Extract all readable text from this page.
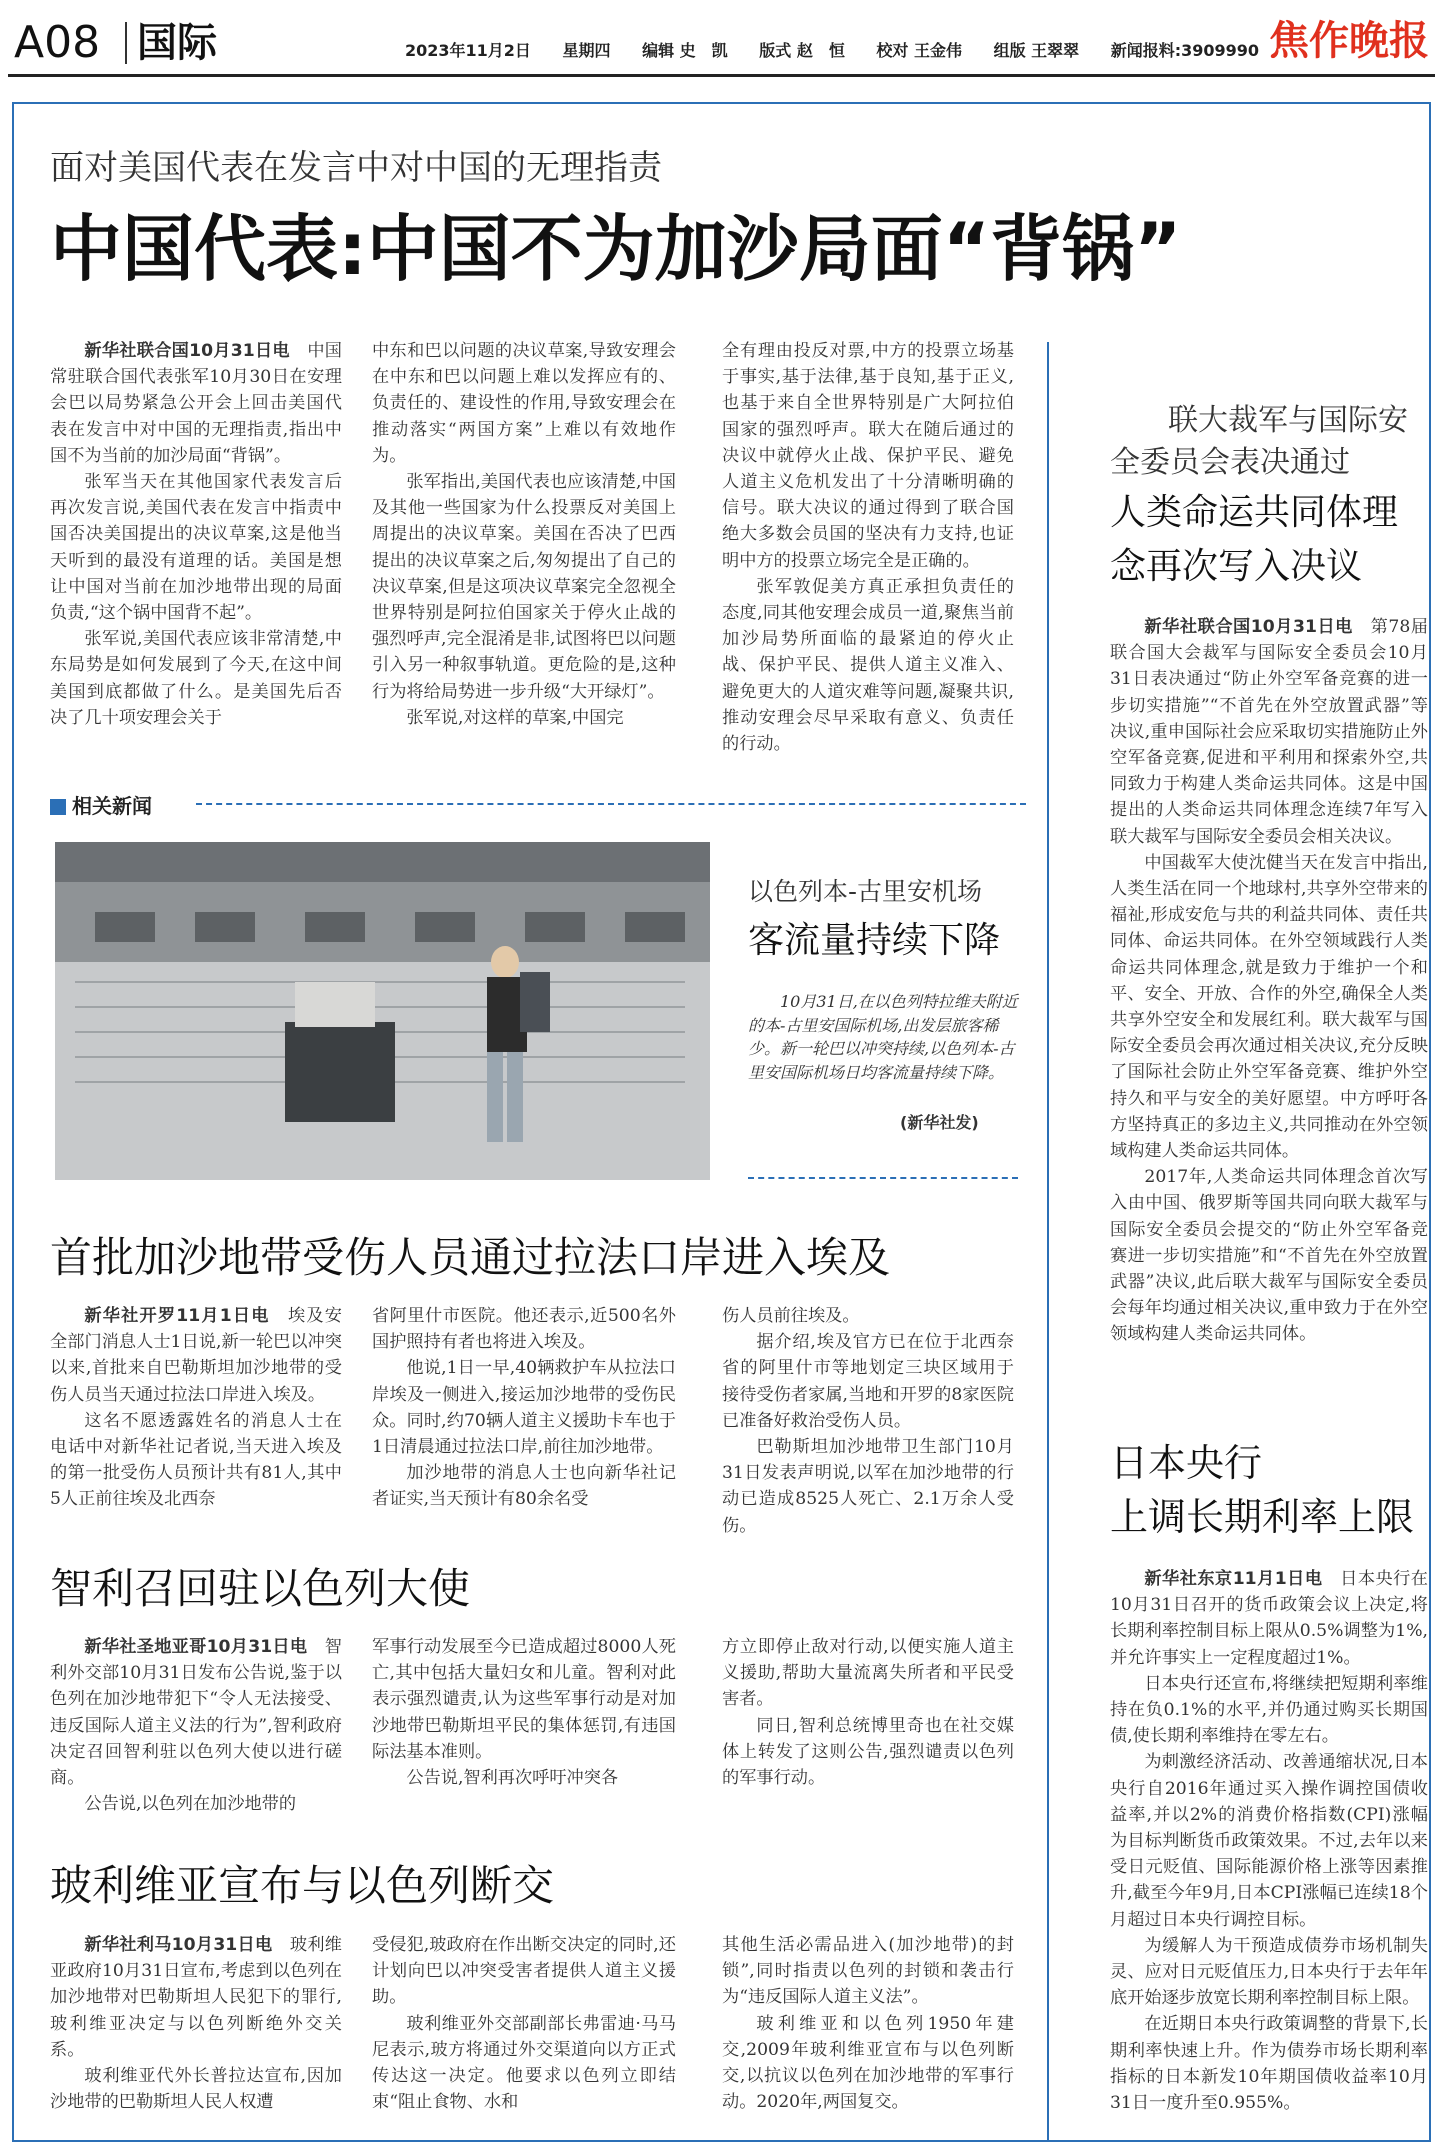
A08 国际	2023年11月2日 星期四 编辑 史　凯 版式 赵　恒 校对 王金伟 组版 王翠翠 新闻报料:3909990 焦作晚报
面对美国代表在发言中对中国的无理指责
中国代表:中国不为加沙局面“背锅”

新华社联合国10月31日电　中国常驻联合国代表张军10月30日在安理会巴以局势紧急公开会上回击美国代表在发言中对中国的无理指责,指出中国不为当前的加沙局面“背锅”。

张军当天在其他国家代表发言后再次发言说,美国代表在发言中指责中国否决美国提出的决议草案,这是他当天听到的最没有道理的话。美国是想让中国对当前在加沙地带出现的局面负责,“这个锅中国背不起”。

张军说,美国代表应该非常清楚,中东局势是如何发展到了今天,在这中间美国到底都做了什么。是美国先后否决了几十项安理会关于

中东和巴以问题的决议草案,导致安理会在中东和巴以问题上难以发挥应有的、负责任的、建设性的作用,导致安理会在推动落实“两国方案”上难以有效地作为。

张军指出,美国代表也应该清楚,中国及其他一些国家为什么投票反对美国上周提出的决议草案。美国在否决了巴西提出的决议草案之后,匆匆提出了自己的决议草案,但是这项决议草案完全忽视全世界特别是阿拉伯国家关于停火止战的强烈呼声,完全混淆是非,试图将巴以问题引入另一种叙事轨道。更危险的是,这种行为将给局势进一步升级“大开绿灯”。

张军说,对这样的草案,中国完

全有理由投反对票,中方的投票立场基于事实,基于法律,基于良知,基于正义,也基于来自全世界特别是广大阿拉伯国家的强烈呼声。联大在随后通过的决议中就停火止战、保护平民、避免人道主义危机发出了十分清晰明确的信号。联大决议的通过得到了联合国绝大多数会员国的坚决有力支持,也证明中方的投票立场完全是正确的。

张军敦促美方真正承担负责任的态度,同其他安理会成员一道,聚焦当前加沙局势所面临的最紧迫的停火止战、保护平民、提供人道主义准入、避免更大的人道灾难等问题,凝聚共识,推动安理会尽早采取有意义、负责任的行动。

相关新闻
以色列本-古里安机场
客流量持续下降
10月31日,在以色列特拉维夫附近的本-古里安国际机场,出发层旅客稀少。新一轮巴以冲突持续,以色列本-古里安国际机场日均客流量持续下降。
(新华社发)
首批加沙地带受伤人员通过拉法口岸进入埃及

新华社开罗11月1日电　埃及安全部门消息人士1日说,新一轮巴以冲突以来,首批来自巴勒斯坦加沙地带的受伤人员当天通过拉法口岸进入埃及。

这名不愿透露姓名的消息人士在电话中对新华社记者说,当天进入埃及的第一批受伤人员预计共有81人,其中5人正前往埃及北西奈

省阿里什市医院。他还表示,近500名外国护照持有者也将进入埃及。

他说,1日一早,40辆救护车从拉法口岸埃及一侧进入,接运加沙地带的受伤民众。同时,约70辆人道主义援助卡车也于1日清晨通过拉法口岸,前往加沙地带。

加沙地带的消息人士也向新华社记者证实,当天预计有80余名受

伤人员前往埃及。

据介绍,埃及官方已在位于北西奈省的阿里什市等地划定三块区域用于接待受伤者家属,当地和开罗的8家医院已准备好救治受伤人员。

巴勒斯坦加沙地带卫生部门10月31日发表声明说,以军在加沙地带的行动已造成8525人死亡、2.1万余人受伤。

智利召回驻以色列大使

新华社圣地亚哥10月31日电　智利外交部10月31日发布公告说,鉴于以色列在加沙地带犯下“令人无法接受、违反国际人道主义法的行为”,智利政府决定召回智利驻以色列大使以进行磋商。

公告说,以色列在加沙地带的

军事行动发展至今已造成超过8000人死亡,其中包括大量妇女和儿童。智利对此表示强烈谴责,认为这些军事行动是对加沙地带巴勒斯坦平民的集体惩罚,有违国际法基本准则。

公告说,智利再次呼吁冲突各

方立即停止敌对行动,以便实施人道主义援助,帮助大量流离失所者和平民受害者。

同日,智利总统博里奇也在社交媒体上转发了这则公告,强烈谴责以色列的军事行动。

玻利维亚宣布与以色列断交

新华社利马10月31日电　玻利维亚政府10月31日宣布,考虑到以色列在加沙地带对巴勒斯坦人民犯下的罪行,玻利维亚决定与以色列断绝外交关系。

玻利维亚代外长普拉达宣布,因加沙地带的巴勒斯坦人民人权遭

受侵犯,玻政府在作出断交决定的同时,还计划向巴以冲突受害者提供人道主义援助。

玻利维亚外交部副部长弗雷迪·马马尼表示,玻方将通过外交渠道向以方正式传达这一决定。他要求以色列立即结束“阻止食物、水和

其他生活必需品进入(加沙地带)的封锁”,同时指责以色列的封锁和袭击行为“违反国际人道主义法”。

玻利维亚和以色列1950年建交,2009年玻利维亚宣布与以色列断交,以抗议以色列在加沙地带的军事行动。2020年,两国复交。

联大裁军与国际安全委员会表决通过
人类命运共同体理念再次写入决议

新华社联合国10月31日电　第78届联合国大会裁军与国际安全委员会10月31日表决通过“防止外空军备竞赛的进一步切实措施”“不首先在外空放置武器”等决议,重申国际社会应采取切实措施防止外空军备竞赛,促进和平利用和探索外空,共同致力于构建人类命运共同体。这是中国提出的人类命运共同体理念连续7年写入联大裁军与国际安全委员会相关决议。

中国裁军大使沈健当天在发言中指出,人类生活在同一个地球村,共享外空带来的福祉,形成安危与共的利益共同体、责任共同体、命运共同体。在外空领域践行人类命运共同体理念,就是致力于维护一个和平、安全、开放、合作的外空,确保全人类共享外空安全和发展红利。联大裁军与国际安全委员会再次通过相关决议,充分反映了国际社会防止外空军备竞赛、维护外空持久和平与安全的美好愿望。中方呼吁各方坚持真正的多边主义,共同推动在外空领域构建人类命运共同体。

2017年,人类命运共同体理念首次写入由中国、俄罗斯等国共同向联大裁军与国际安全委员会提交的“防止外空军备竞赛进一步切实措施”和“不首先在外空放置武器”决议,此后联大裁军与国际安全委员会每年均通过相关决议,重申致力于在外空领域构建人类命运共同体。

日本央行
上调长期利率上限

新华社东京11月1日电　日本央行在10月31日召开的货币政策会议上决定,将长期利率控制目标上限从0.5%调整为1%,并允许事实上一定程度超过1%。

日本央行还宣布,将继续把短期利率维持在负0.1%的水平,并仍通过购买长期国债,使长期利率维持在零左右。

为刺激经济活动、改善通缩状况,日本央行自2016年通过买入操作调控国债收益率,并以2%的消费价格指数(CPI)涨幅为目标判断货币政策效果。不过,去年以来受日元贬值、国际能源价格上涨等因素推升,截至今年9月,日本CPI涨幅已连续18个月超过日本央行调控目标。

为缓解人为干预造成债券市场机制失灵、应对日元贬值压力,日本央行于去年年底开始逐步放宽长期利率控制目标上限。

在近期日本央行政策调整的背景下,长期利率快速上升。作为债券市场长期利率指标的日本新发10年期国债收益率10月31日一度升至0.955%。
